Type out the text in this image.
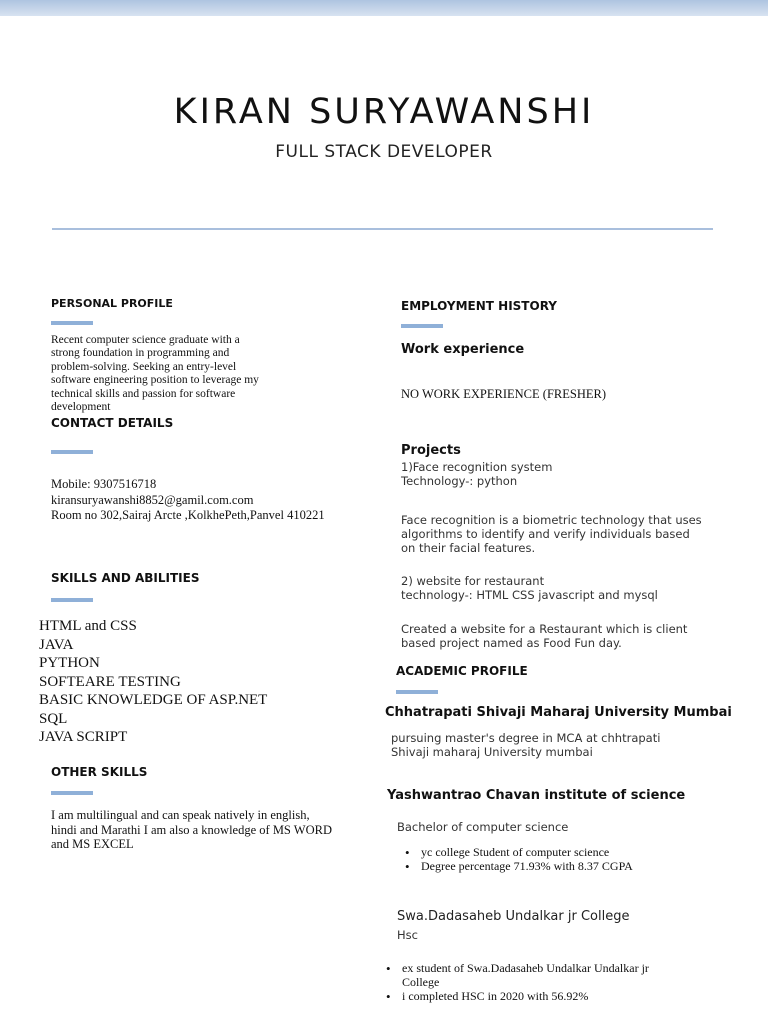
KIRAN SURYAWANSHI
FULL STACK DEVELOPER
PERSONAL PROFILE
Recent computer science graduate with a
strong foundation in programming and
problem-solving. Seeking an entry-level
software engineering position to leverage my
technical skills and passion for software
development
CONTACT DETAILS
Mobile: 9307516718
kiransuryawanshi8852@gamil.com.com
Room no 302,Sairaj Arcte ,KolkhePeth,Panvel 410221
SKILLS AND ABILITIES
HTML and CSS
JAVA
PYTHON
SOFTEARE TESTING
BASIC KNOWLEDGE OF ASP.NET
SQL
JAVA SCRIPT
OTHER SKILLS
I am multilingual and can speak natively in english,
hindi and Marathi I am also a knowledge of MS WORD
and MS EXCEL
EMPLOYMENT HISTORY
Work experience
NO WORK EXPERIENCE (FRESHER)
Projects
1)Face recognition system
Technology-: python
Face recognition is a biometric technology that uses
algorithms to identify and verify individuals based
on their facial features.
2) website for restaurant
technology-: HTML CSS javascript and mysql
Created a website for a Restaurant which is client
based project named as Food Fun day.
ACADEMIC PROFILE
Chhatrapati Shivaji Maharaj University Mumbai
pursuing master's degree in MCA at chhtrapati
Shivaji maharaj University mumbai
Yashwantrao Chavan institute of science
Bachelor of computer science
• yc college Student of computer science
• Degree percentage 71.93% with 8.37 CGPA
Swa.Dadasaheb Undalkar jr College
Hsc
• ex student of Swa.Dadasaheb Undalkar Undalkar jr
College
• i completed HSC in 2020 with 56.92%
